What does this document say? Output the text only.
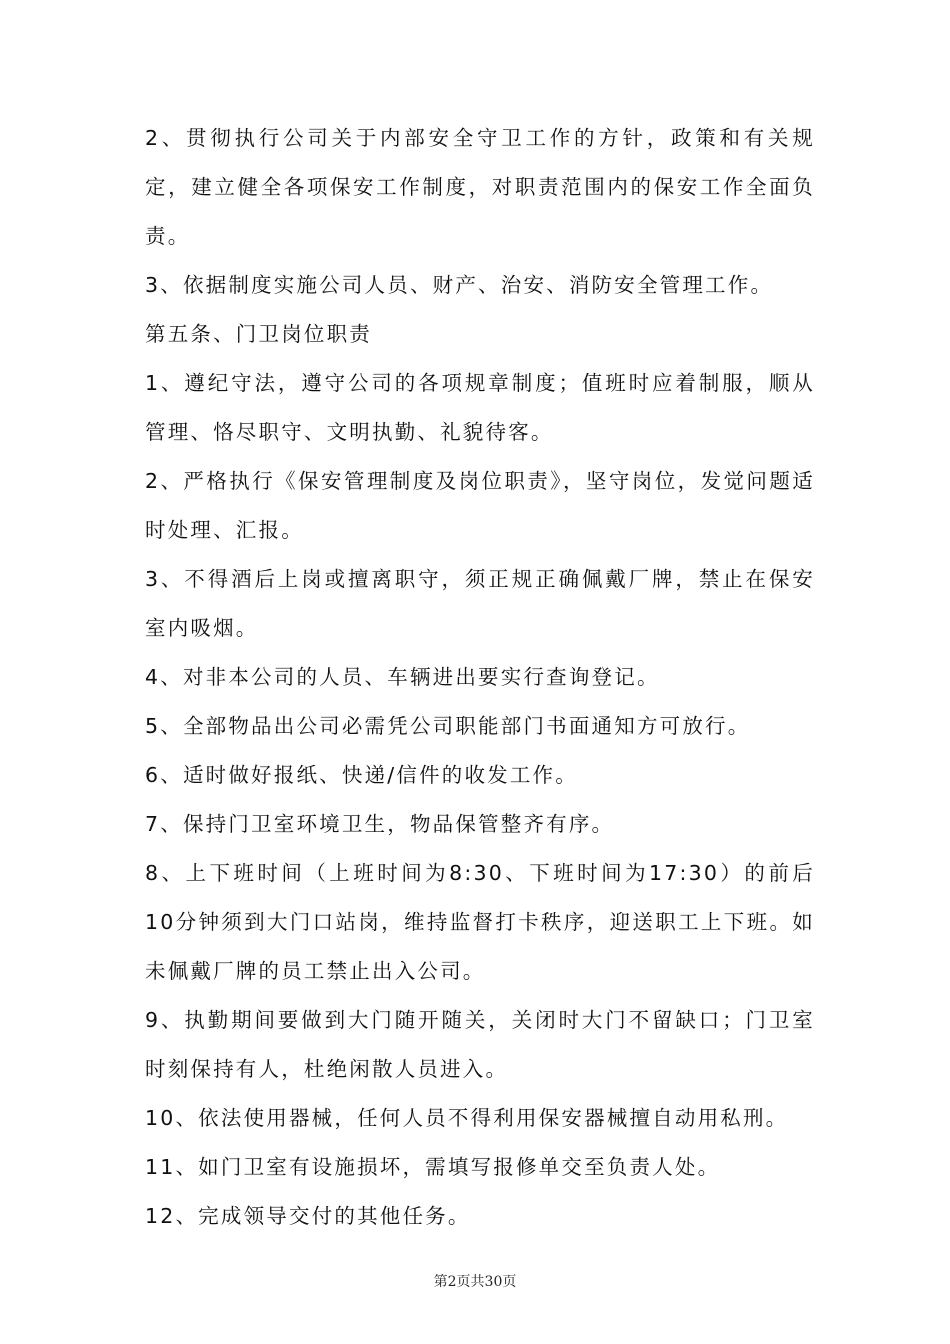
2、贯彻执行公司关于内部安全守卫工作的方针，政策和有关规定，建立健全各项保安工作制度，对职责范围内的保安工作全面负责。

3、依据制度实施公司人员、财产、治安、消防安全管理工作。

第五条、门卫岗位职责

1、遵纪守法，遵守公司的各项规章制度；值班时应着制服，顺从管理、恪尽职守、文明执勤、礼貌待客。

2、严格执行《保安管理制度及岗位职责》，坚守岗位，发觉问题适时处理、汇报。

3、不得酒后上岗或擅离职守，须正规正确佩戴厂牌，禁止在保安室内吸烟。

4、对非本公司的人员、车辆进出要实行查询登记。

5、全部物品出公司必需凭公司职能部门书面通知方可放行。

6、适时做好报纸、快递/信件的收发工作。

7、保持门卫室环境卫生，物品保管整齐有序。

8、上下班时间（上班时间为8:30、下班时间为17:30）的前后10分钟须到大门口站岗，维持监督打卡秩序，迎送职工上下班。如未佩戴厂牌的员工禁止出入公司。

9、执勤期间要做到大门随开随关，关闭时大门不留缺口；门卫室时刻保持有人，杜绝闲散人员进入。

10、依法使用器械，任何人员不得利用保安器械擅自动用私刑。

11、如门卫室有设施损坏，需填写报修单交至负责人处。

12、完成领导交付的其他任务。

第2页共30页
